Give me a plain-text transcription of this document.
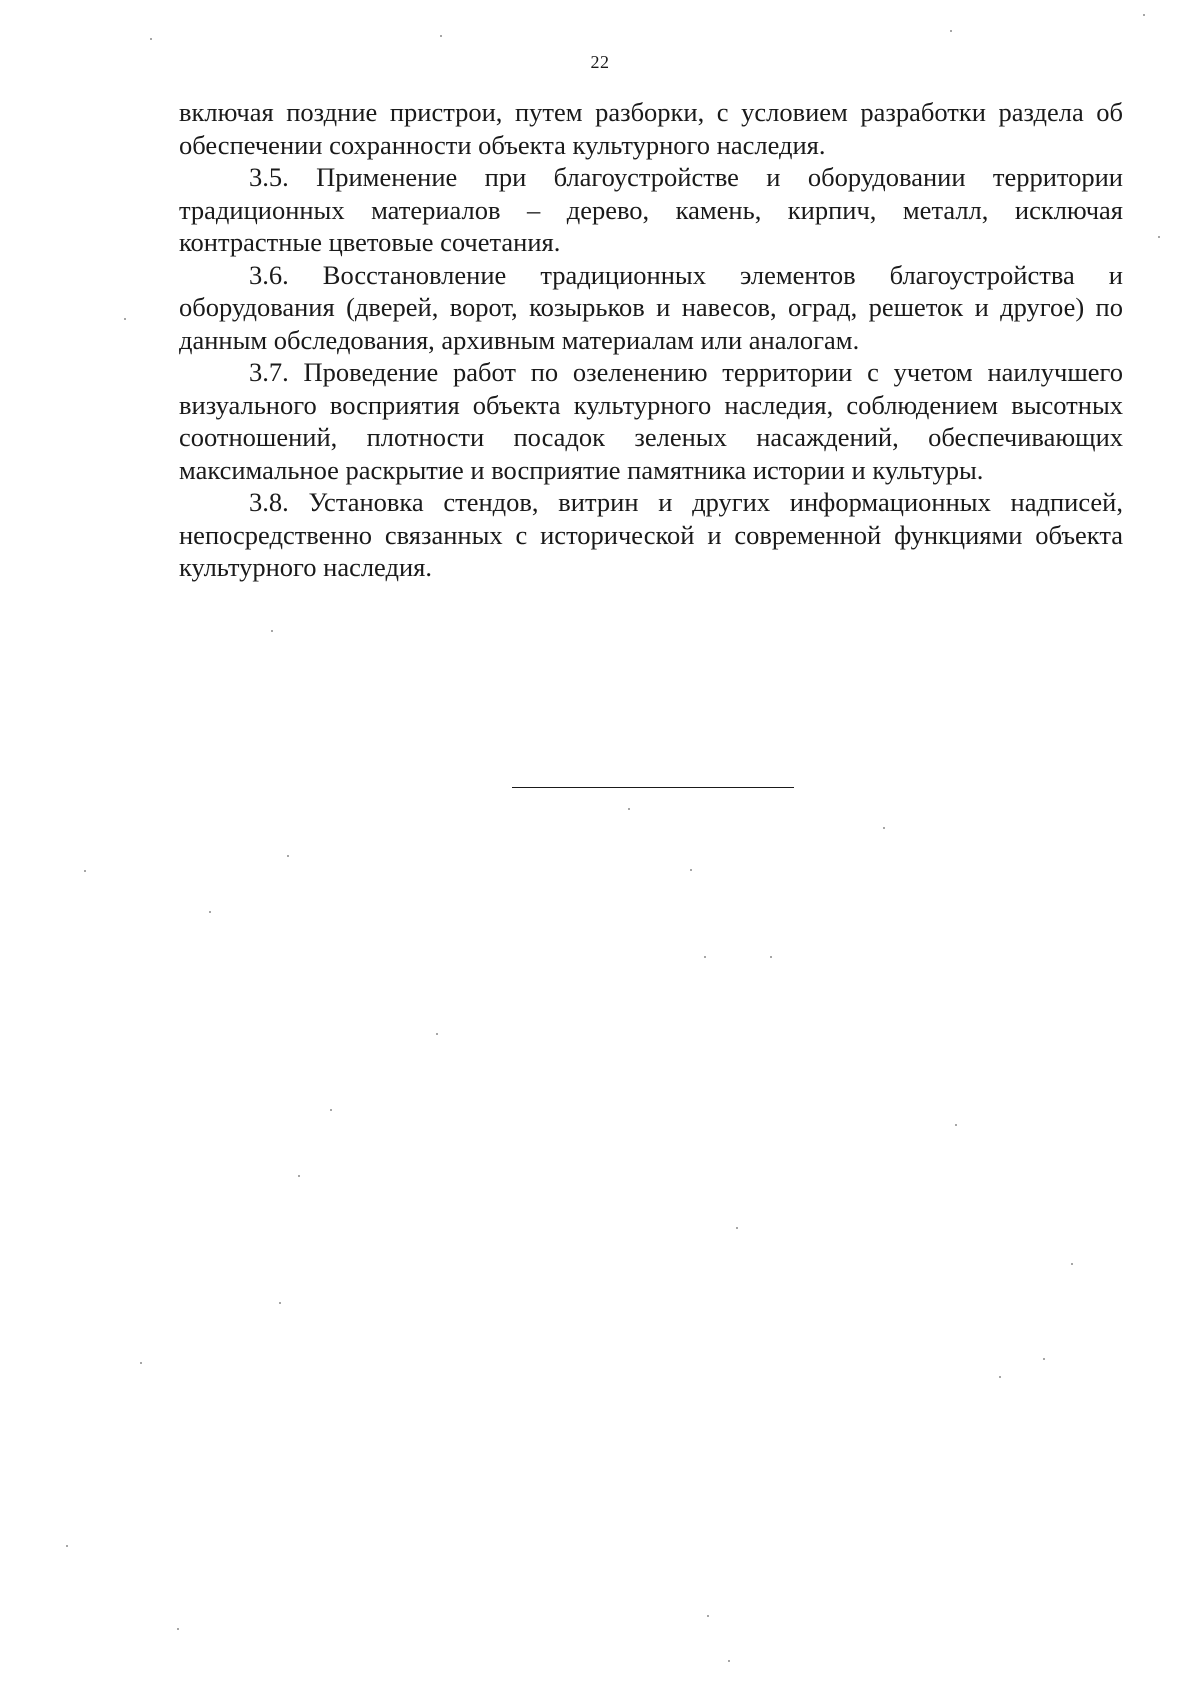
22

включая поздние пристрои, путем разборки, с условием разработки раздела об обеспечении сохранности объекта культурного наследия.

3.5. Применение при благоустройстве и оборудовании территории традиционных материалов – дерево, камень, кирпич, металл, исключая контрастные цветовые сочетания.

3.6. Восстановление традиционных элементов благоустройства и оборудования (дверей, ворот, козырьков и навесов, оград, решеток и другое) по данным обследования, архивным материалам или аналогам.

3.7. Проведение работ по озеленению территории с учетом наилучшего визуального восприятия объекта культурного наследия, соблюдением высотных соотношений, плотности посадок зеленых насаждений, обеспечивающих максимальное раскрытие и восприятие памятника истории и культуры.

3.8. Установка стендов, витрин и других информационных надписей, непосредственно связанных с исторической и современной функциями объекта культурного наследия.
